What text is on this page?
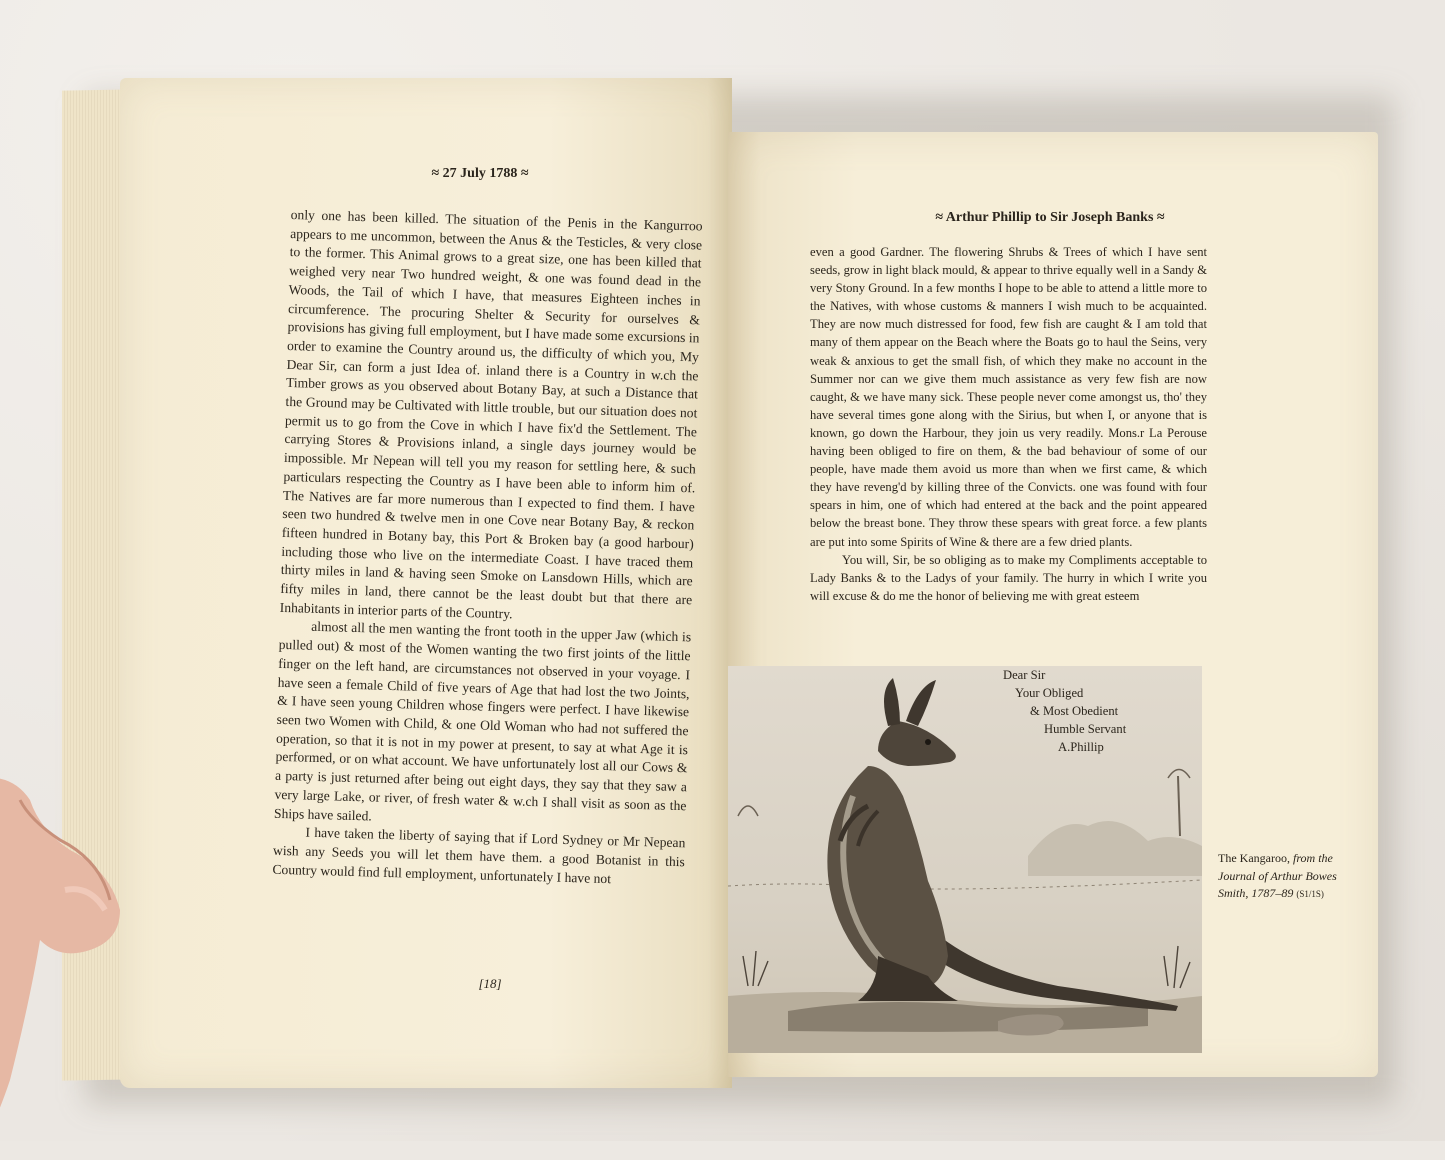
≈ 27 July 1788 ≈

only one has been killed. The situation of the Penis in the Kangurroo appears to me uncommon, between the Anus & the Testicles, & very close to the former. This Animal grows to a great size, one has been killed that weighed very near Two hundred weight, & one was found dead in the Woods, the Tail of which I have, that measures Eighteen inches in circumference. The procuring Shelter & Security for ourselves & provisions has giving full employment, but I have made some excursions in order to examine the Country around us, the difficulty of which you, My Dear Sir, can form a just Idea of. inland there is a Country in w.ch the Timber grows as you observed about Botany Bay, at such a Distance that the Ground may be Cultivated with little trouble, but our situation does not permit us to go from the Cove in which I have fix'd the Settlement. The carrying Stores & Provisions inland, a single days journey would be impossible. Mr Nepean will tell you my reason for settling here, & such particulars respecting the Country as I have been able to inform him of. The Natives are far more numerous than I expected to find them. I have seen two hundred & twelve men in one Cove near Botany Bay, & reckon fifteen hundred in Botany bay, this Port & Broken bay (a good harbour) including those who live on the intermediate Coast. I have traced them thirty miles in land & having seen Smoke on Lansdown Hills, which are fifty miles in land, there cannot be the least doubt but that there are Inhabitants in interior parts of the Country.

almost all the men wanting the front tooth in the upper Jaw (which is pulled out) & most of the Women wanting the two first joints of the little finger on the left hand, are circumstances not observed in your voyage. I have seen a female Child of five years of Age that had lost the two Joints, & I have seen young Children whose fingers were perfect. I have likewise seen two Women with Child, & one Old Woman who had not suffered the operation, so that it is not in my power at present, to say at what Age it is performed, or on what account. We have unfortunately lost all our Cows & a party is just returned after being out eight days, they say that they saw a very large Lake, or river, of fresh water & w.ch I shall visit as soon as the Ships have sailed.

I have taken the liberty of saying that if Lord Sydney or Mr Nepean wish any Seeds you will let them have them. a good Botanist in this Country would find full employment, unfortunately I have not

[18]
≈ Arthur Phillip to Sir Joseph Banks ≈

even a good Gardner. The flowering Shrubs & Trees of which I have sent seeds, grow in light black mould, & appear to thrive equally well in a Sandy & very Stony Ground. In a few months I hope to be able to attend a little more to the Natives, with whose customs & manners I wish much to be acquainted. They are now much distressed for food, few fish are caught & I am told that many of them appear on the Beach where the Boats go to haul the Seins, very weak & anxious to get the small fish, of which they make no account in the Summer nor can we give them much assistance as very few fish are now caught, & we have many sick. These people never come amongst us, tho' they have several times gone along with the Sirius, but when I, or anyone that is known, go down the Harbour, they join us very readily. Mons.r La Perouse having been obliged to fire on them, & the bad behaviour of some of our people, have made them avoid us more than when we first came, & which they have reveng'd by killing three of the Convicts. one was found with four spears in him, one of which had entered at the back and the point appeared below the breast bone. They throw these spears with great force. a few plants are put into some Spirits of Wine & there are a few dried plants.

You will, Sir, be so obliging as to make my Compliments acceptable to Lady Banks & to the Ladys of your family. The hurry in which I write you will excuse & do me the honor of believing me with great esteem

Dear Sir
Your Obliged
& Most Obedient
Humble Servant
A.Phillip
The Kangaroo, from the Journal of Arthur Bowes Smith, 1787–89 (S1/1S)
